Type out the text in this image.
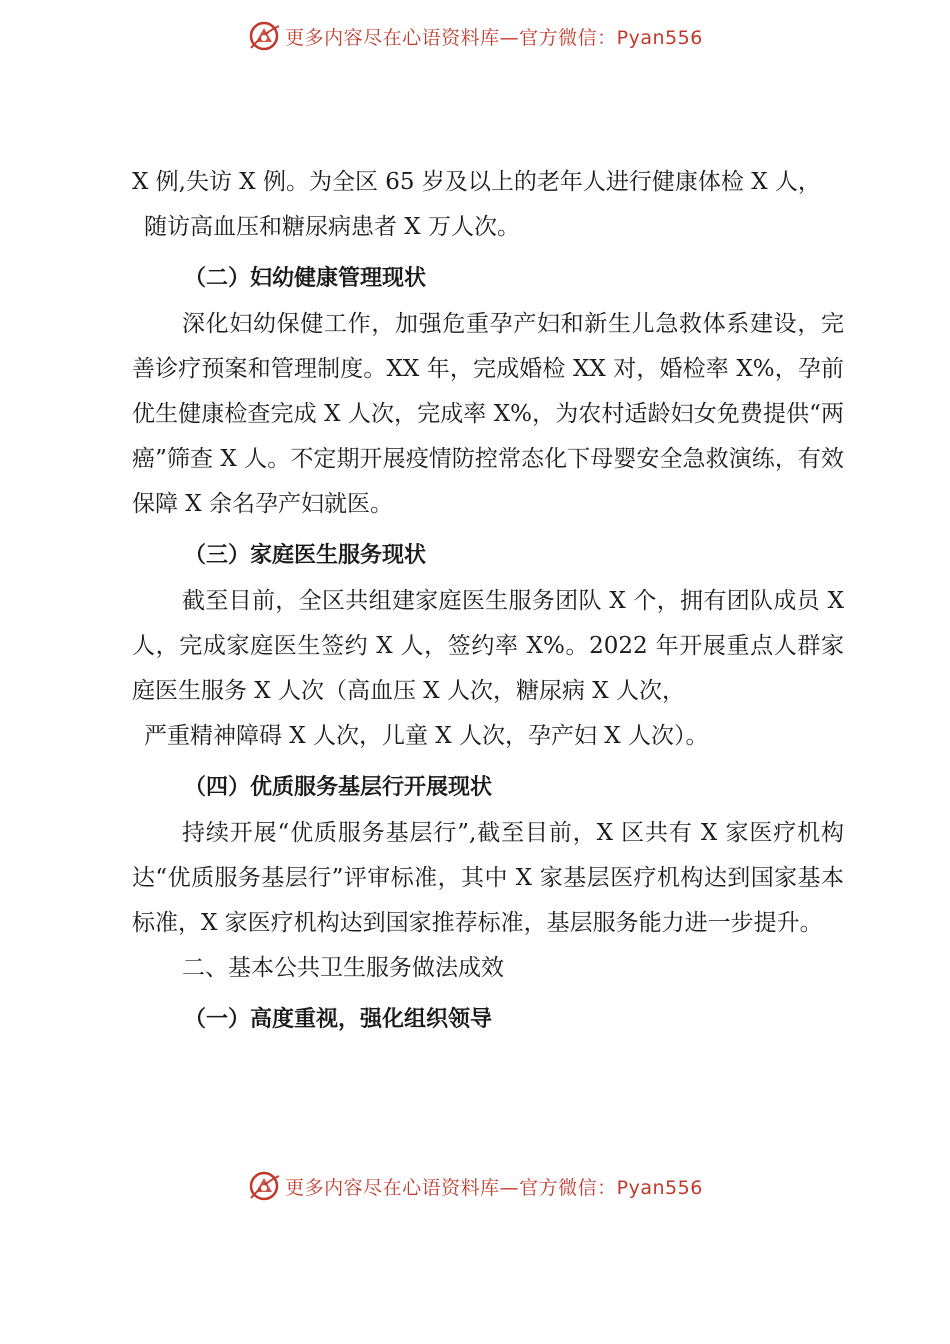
更多内容尽在心语资料库—官方微信：Pyan556

X 例,失访 X 例。为全区 65 岁及以上的老年人进行健康体检 X 人，

随访高血压和糖尿病患者 X 万人次。

（二）妇幼健康管理现状

深化妇幼保健工作，加强危重孕产妇和新生儿急救体系建设，完善诊疗预案和管理制度。XX 年，完成婚检 XX 对，婚检率 X%，孕前优生健康检查完成 X 人次，完成率 X%，为农村适龄妇女免费提供“两癌”筛查 X 人。不定期开展疫情防控常态化下母婴安全急救演练，有效保障 X 余名孕产妇就医。

（三）家庭医生服务现状

截至目前，全区共组建家庭医生服务团队 X 个，拥有团队成员 X 人，完成家庭医生签约 X 人，签约率 X%。2022 年开展重点人群家庭医生服务 X 人次（高血压 X 人次，糖尿病 X 人次，

严重精神障碍 X 人次，儿童 X 人次，孕产妇 X 人次）。

（四）优质服务基层行开展现状

持续开展“优质服务基层行”,截至目前，X 区共有 X 家医疗机构达“优质服务基层行”评审标准，其中 X 家基层医疗机构达到国家基本标准，X 家医疗机构达到国家推荐标准，基层服务能力进一步提升。

二、基本公共卫生服务做法成效

（一）高度重视，强化组织领导
更多内容尽在心语资料库—官方微信：Pyan556
